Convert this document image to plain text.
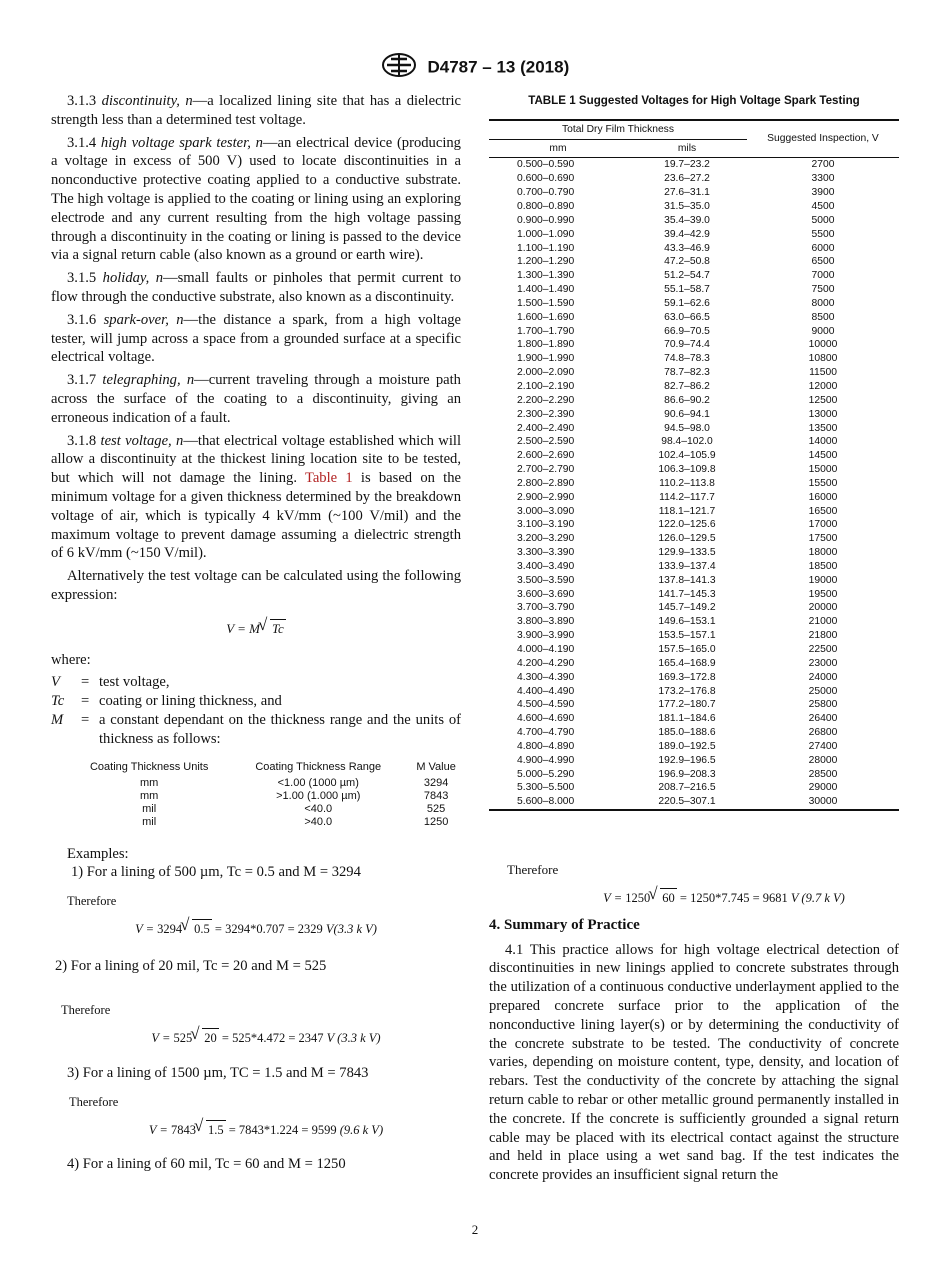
D4787 – 13 (2018)

3.1.3 discontinuity, n—a localized lining site that has a dielectric strength less than a determined test voltage.

3.1.4 high voltage spark tester, n—an electrical device (producing a voltage in excess of 500 V) used to locate discontinuities in a nonconductive protective coating applied to a conductive substrate. The high voltage is applied to the coating or lining using an exploring electrode and any current resulting from the high voltage passing through a discontinuity in the coating or lining is passed to the device via a signal return cable (also known as a ground or earth wire).

3.1.5 holiday, n—small faults or pinholes that permit current to flow through the conductive substrate, also known as a discontinuity.

3.1.6 spark-over, n—the distance a spark, from a high voltage tester, will jump across a space from a grounded surface at a specific electrical voltage.

3.1.7 telegraphing, n—current traveling through a moisture path across the surface of the coating to a discontinuity, giving an erroneous indication of a fault.

3.1.8 test voltage, n—that electrical voltage established which will allow a discontinuity at the thickest lining location site to be tested, but which will not damage the lining. Table 1 is based on the minimum voltage for a given thickness determined by the breakdown voltage of air, which is typically 4 kV/mm (~100 V/mil) and the maximum voltage to prevent damage assuming a dielectric strength of 6 kV/mm (~150 V/mil).

Alternatively the test voltage can be calculated using the following expression:

V = M √ Tc

where:

V	= test voltage,
Tc	= coating or lining thickness, and
M	= a constant dependant on the thickness range and the units of thickness as follows:
Coating Thickness Units	Coating Thickness Range	M Value
mm	<1.00 (1000 µm)	3294
mm	>1.00 (1.000 µm)	7843
mil	<40.0	525
mil	>40.0	1250
Examples:
1) For a lining of 500 µm, Tc = 0.5 and M = 3294
Therefore
V = 3294 √ 0.5 = 3294*0.707 = 2329 V(3.3 k V)
2) For a lining of 20 mil, Tc = 20 and M = 525
Therefore
V = 525 √ 20 = 525*4.472 = 2347 V (3.3 k V)
3) For a lining of 1500 µm, TC = 1.5 and M = 7843
Therefore
V = 7843 √ 1.5 = 7843*1.224 = 9599 (9.6 k V)
4) For a lining of 60 mil, Tc = 60 and M = 1250
TABLE 1 Suggested Voltages for High Voltage Spark Testing
Total Dry Film Thickness		Suggested Inspection, V
mm	mils	
0.500–0.590	19.7–23.2	2700
0.600–0.690	23.6–27.2	3300
0.700–0.790	27.6–31.1	3900
0.800–0.890	31.5–35.0	4500
0.900–0.990	35.4–39.0	5000
1.000–1.090	39.4–42.9	5500
1.100–1.190	43.3–46.9	6000
1.200–1.290	47.2–50.8	6500
1.300–1.390	51.2–54.7	7000
1.400–1.490	55.1–58.7	7500
1.500–1.590	59.1–62.6	8000
1.600–1.690	63.0–66.5	8500
1.700–1.790	66.9–70.5	9000
1.800–1.890	70.9–74.4	10000
1.900–1.990	74.8–78.3	10800
2.000–2.090	78.7–82.3	11500
2.100–2.190	82.7–86.2	12000
2.200–2.290	86.6–90.2	12500
2.300–2.390	90.6–94.1	13000
2.400–2.490	94.5–98.0	13500
2.500–2.590	98.4–102.0	14000
2.600–2.690	102.4–105.9	14500
2.700–2.790	106.3–109.8	15000
2.800–2.890	110.2–113.8	15500
2.900–2.990	114.2–117.7	16000
3.000–3.090	118.1–121.7	16500
3.100–3.190	122.0–125.6	17000
3.200–3.290	126.0–129.5	17500
3.300–3.390	129.9–133.5	18000
3.400–3.490	133.9–137.4	18500
3.500–3.590	137.8–141.3	19000
3.600–3.690	141.7–145.3	19500
3.700–3.790	145.7–149.2	20000
3.800–3.890	149.6–153.1	21000
3.900–3.990	153.5–157.1	21800
4.000–4.190	157.5–165.0	22500
4.200–4.290	165.4–168.9	23000
4.300–4.390	169.3–172.8	24000
4.400–4.490	173.2–176.8	25000
4.500–4.590	177.2–180.7	25800
4.600–4.690	181.1–184.6	26400
4.700–4.790	185.0–188.6	26800
4.800–4.890	189.0–192.5	27400
4.900–4.990	192.9–196.5	28000
5.000–5.290	196.9–208.3	28500
5.300–5.500	208.7–216.5	29000
5.600–8.000	220.5–307.1	30000
Therefore
V = 1250 √ 60 = 1250*7.745 = 9681 V (9.7 k V)
4. Summary of Practice

4.1 This practice allows for high voltage electrical detection of discontinuities in new linings applied to concrete substrates through the utilization of a continuous conductive underlayment applied to the prepared concrete surface prior to the application of the nonconductive lining layer(s) or by determining the conductivity of the concrete substrate to be tested. The conductivity of concrete varies, depending on moisture content, type, density, and location of rebars. Test the conductivity of the concrete by attaching the signal return cable to rebar or other metallic ground permanently installed in the concrete. If the concrete is sufficiently grounded a signal return cable may be placed with its electrical contact against the structure and held in place using a wet sand bag. If the test indicates the concrete provides an insufficient signal return the

2
